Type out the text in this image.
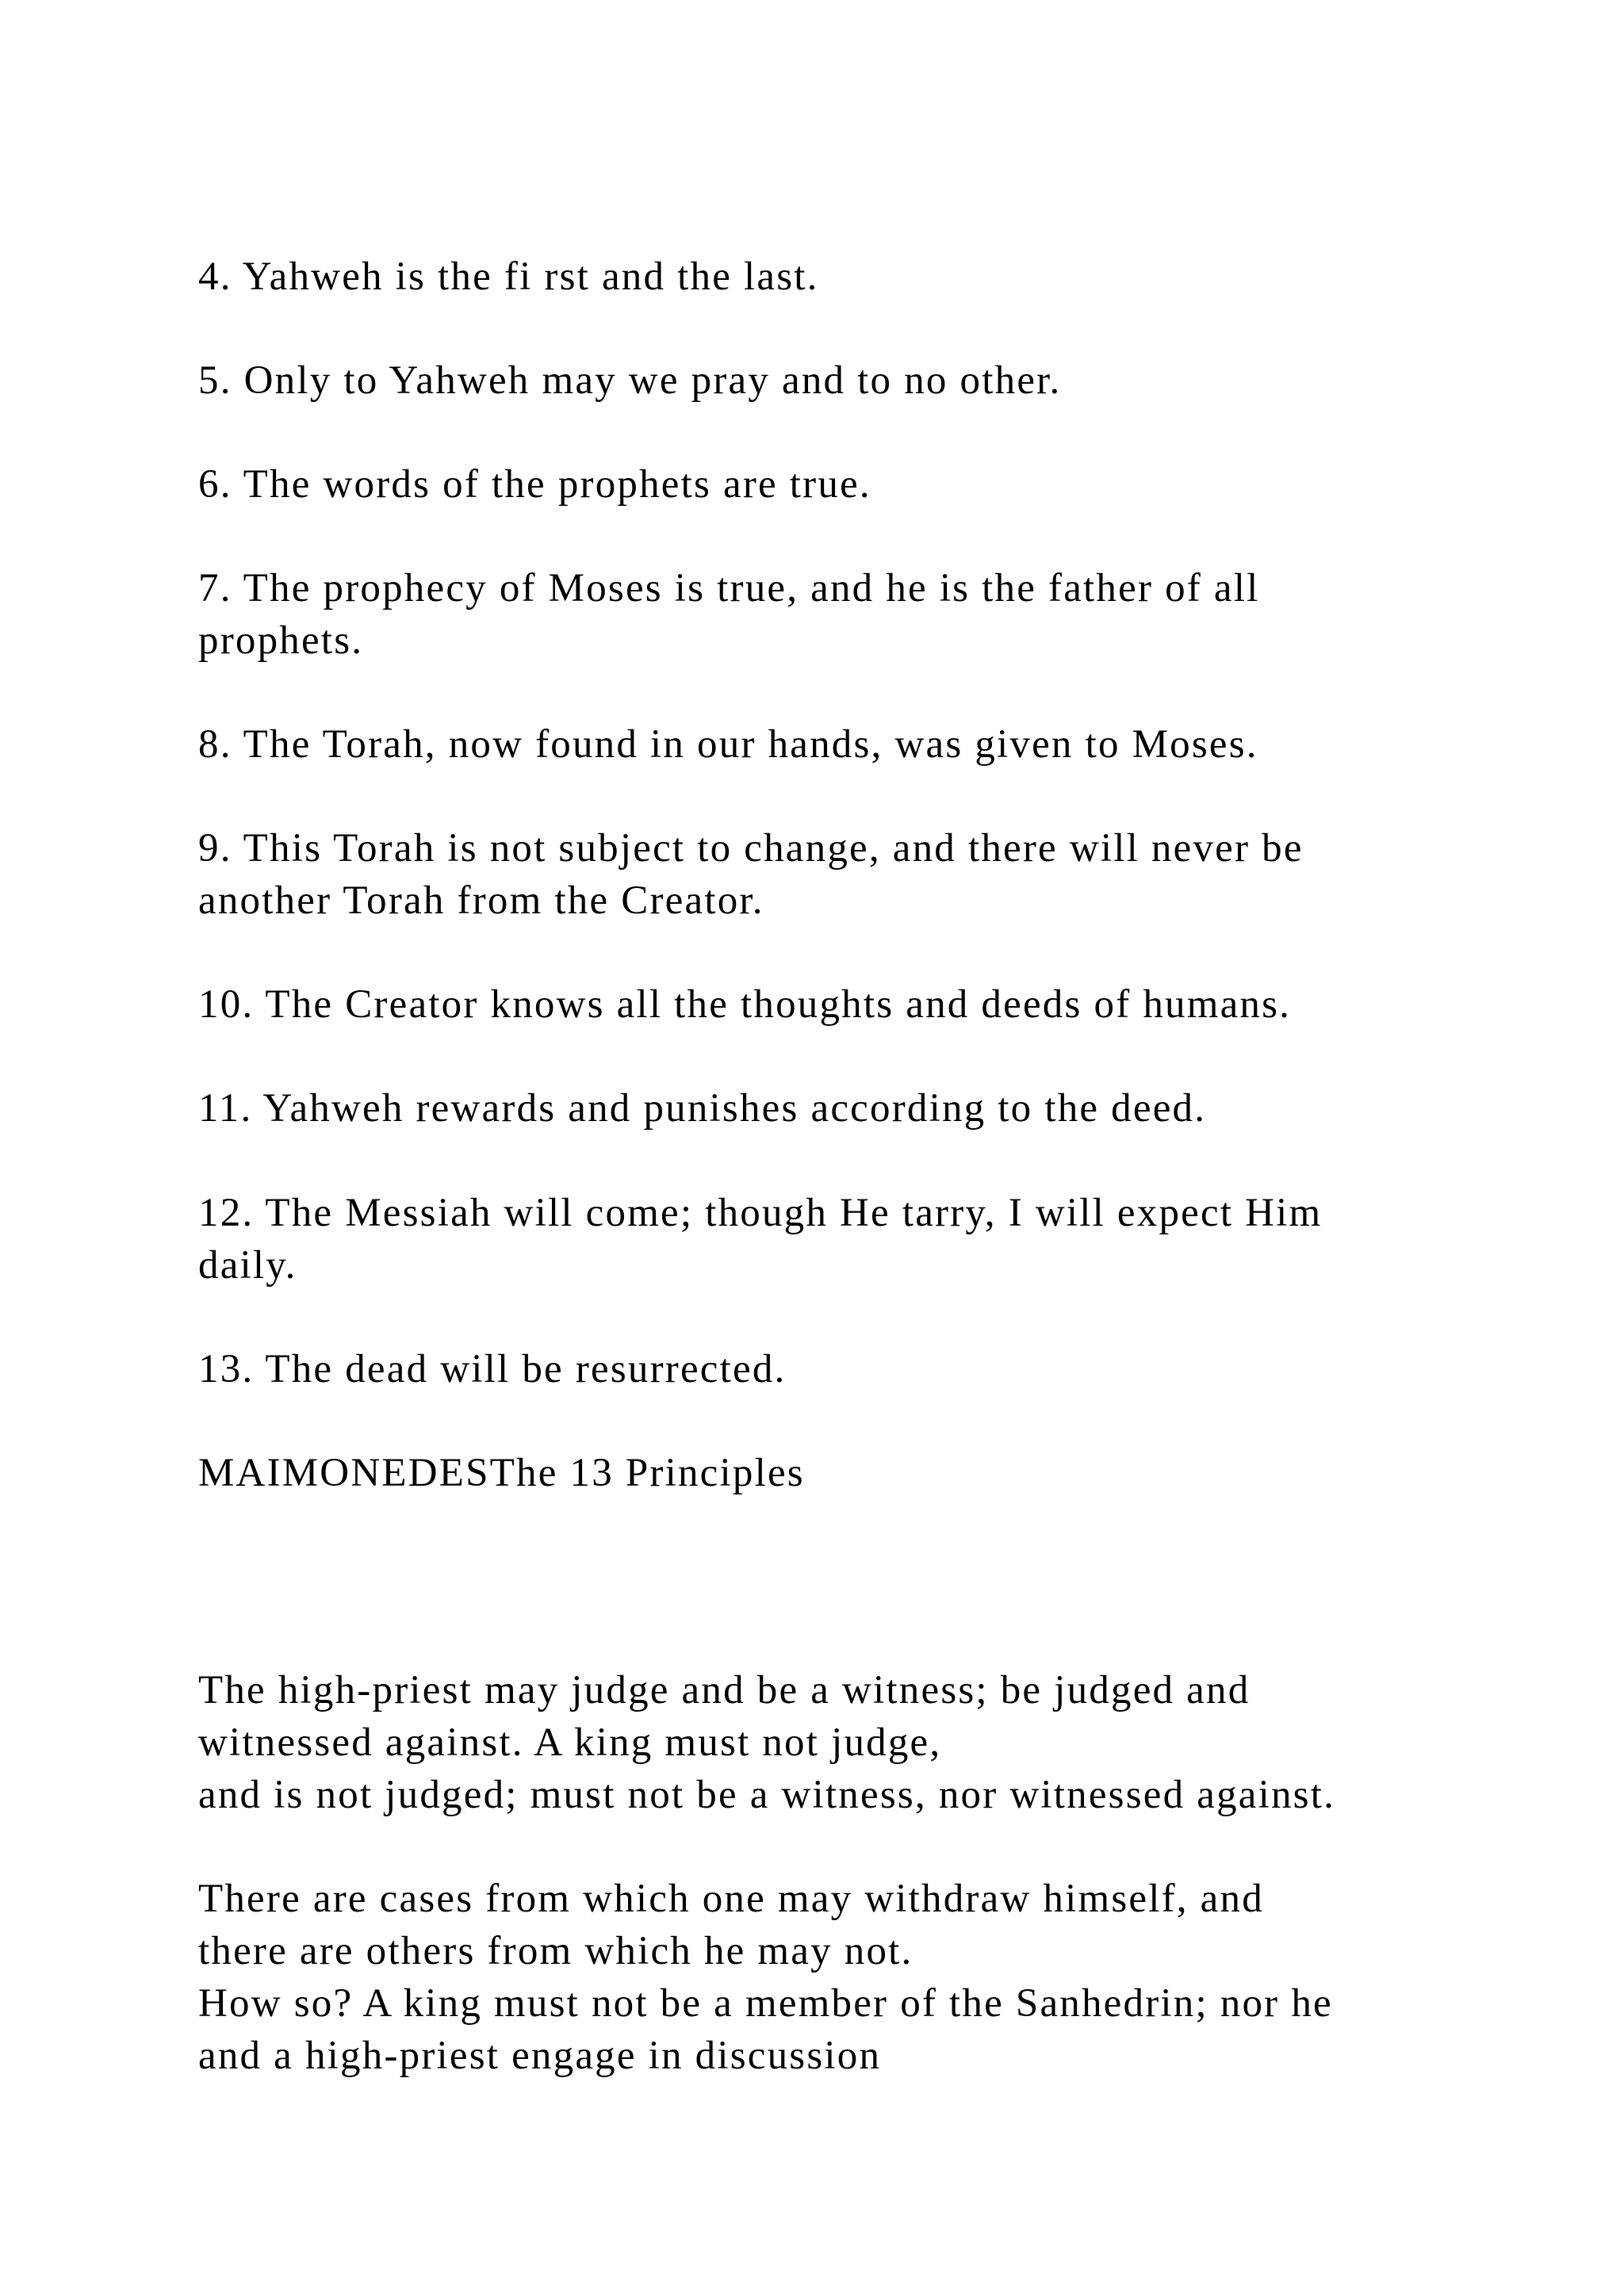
4. Yahweh is the fi rst and the last.
5. Only to Yahweh may we pray and to no other.
6. The words of the prophets are true.
7. The prophecy of Moses is true, and he is the father of all
prophets.
8. The Torah, now found in our hands, was given to Moses.
9. This Torah is not subject to change, and there will never be
another Torah from the Creator.
10. The Creator knows all the thoughts and deeds of humans.
11. Yahweh rewards and punishes according to the deed.
12. The Messiah will come; though He tarry, I will expect Him
daily.
13. The dead will be resurrected.
MAIMONEDESThe 13 Principles
The high-priest may judge and be a witness; be judged and
witnessed against. A king must not judge,
and is not judged; must not be a witness, nor witnessed against.
There are cases from which one may withdraw himself, and
there are others from which he may not.
How so? A king must not be a member of the Sanhedrin; nor he
and a high-priest engage in discussion
